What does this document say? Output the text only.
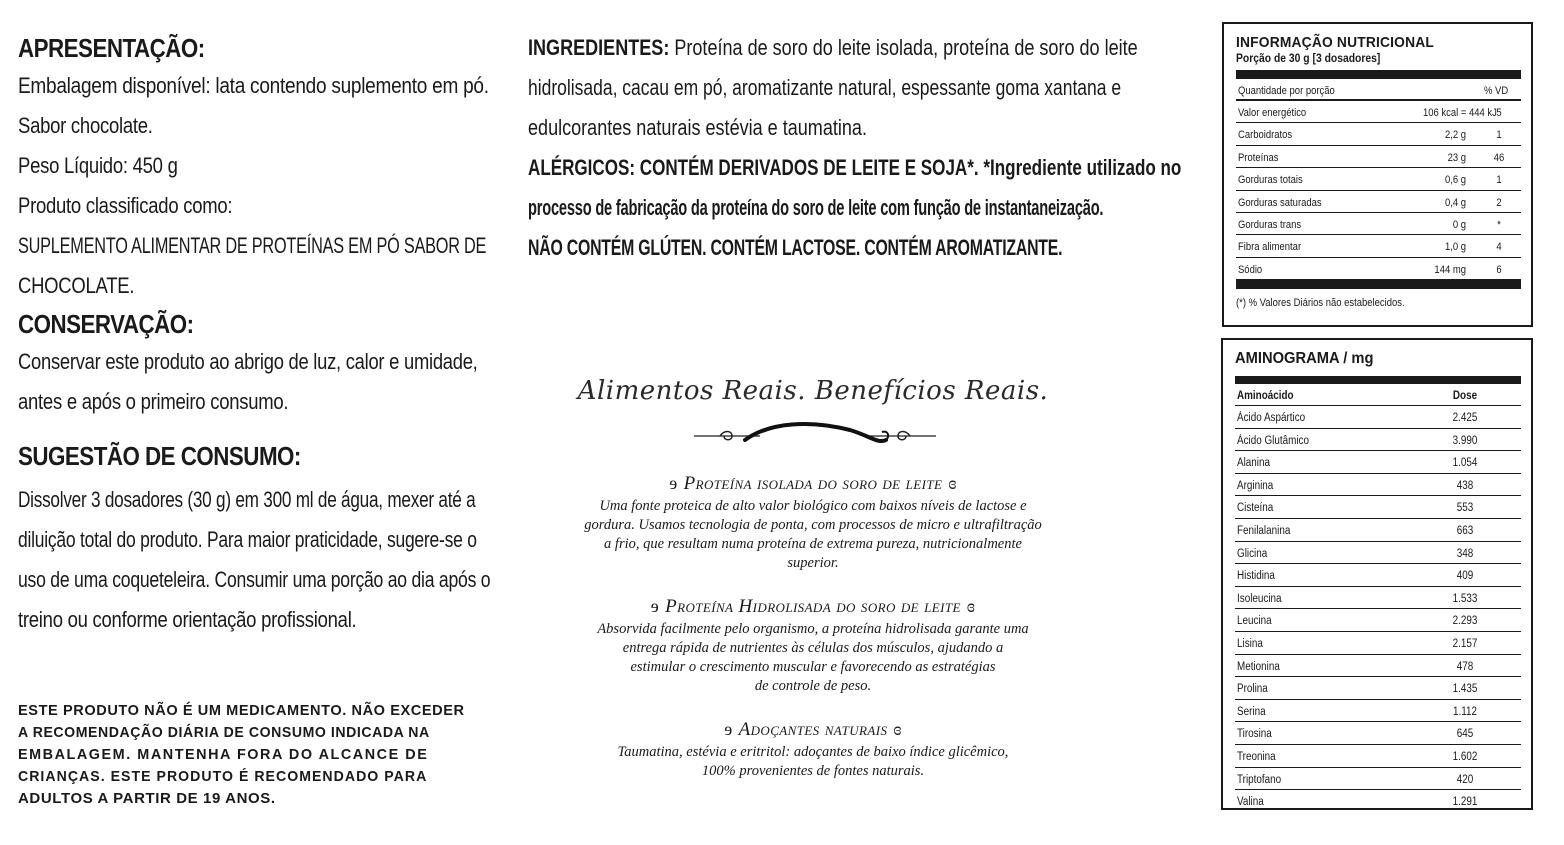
APRESENTAÇÃO:
Embalagem disponível: lata contendo suplemento em pó.
Sabor chocolate.
Peso Líquido: 450 g
Produto classificado como:
SUPLEMENTO ALIMENTAR DE PROTEÍNAS EM PÓ SABOR DE
CHOCOLATE.
CONSERVAÇÃO:
Conservar este produto ao abrigo de luz, calor e umidade,
antes e após o primeiro consumo.
SUGESTÃO DE CONSUMO:
Dissolver 3 dosadores (30 g) em 300 ml de água, mexer até a
diluição total do produto. Para maior praticidade, sugere-se o
uso de uma coqueteleira. Consumir uma porção ao dia após o
treino ou conforme orientação profissional.
ESTE PRODUTO NÃO É UM MEDICAMENTO. NÃO EXCEDER
A RECOMENDAÇÃO DIÁRIA DE CONSUMO INDICADA NA
EMBALAGEM. MANTENHA FORA DO ALCANCE DE
CRIANÇAS. ESTE PRODUTO É RECOMENDADO PARA
ADULTOS A PARTIR DE 19 ANOS.
INGREDIENTES: Proteína de soro do leite isolada, proteína de soro do leite
hidrolisada, cacau em pó, aromatizante natural, espessante goma xantana e
edulcorantes naturais estévia e taumatina.
ALÉRGICOS: CONTÉM DERIVADOS DE LEITE E SOJA*. *Ingrediente utilizado no
processo de fabricação da proteína do soro de leite com função de instantaneização.
NÃO CONTÉM GLÚTEN. CONTÉM LACTOSE. CONTÉM AROMATIZANTE.
Alimentos Reais. Benefícios Reais.
ɘ Proteína isolada do soro de leite ɞ
Uma fonte proteica de alto valor biológico com baixos níveis de lactose e
gordura. Usamos tecnologia de ponta, com processos de micro e ultrafiltração
a frio, que resultam numa proteína de extrema pureza, nutricionalmente
superior.
ɘ Proteína Hidrolisada do soro de leite ɞ
Absorvida facilmente pelo organismo, a proteína hidrolisada garante uma
entrega rápida de nutrientes às células dos músculos, ajudando a
estimular o crescimento muscular e favorecendo as estratégias
de controle de peso.
ɘ Adoçantes naturais ɞ
Taumatina, estévia e eritritol: adoçantes de baixo índice glicêmico,
100% provenientes de fontes naturais.
INFORMAÇÃO NUTRICIONAL
Porção de 30 g [3 dosadores]
Quantidade por porção	% VD
Valor energético	106 kcal = 444 kJ 5
Carboidratos	2,2 g	1
Proteínas	23 g	46
Gorduras totais	0,6 g	1
Gorduras saturadas	0,4 g	2
Gorduras trans	0 g	*
Fibra alimentar	1,0 g	4
Sódio	144 mg	6
(*) % Valores Diários não estabelecidos.
AMINOGRAMA / mg
Aminoácido	Dose
Ácido Aspártico	2.425
Ácido Glutâmico	3.990
Alanina	1.054
Arginina	438
Cisteína	553
Fenilalanina	663
Glicina	348
Histidina	409
Isoleucina	1.533
Leucina	2.293
Lisina	2.157
Metionina	478
Prolina	1.435
Serina	1.112
Tirosina	645
Treonina	1.602
Triptofano	420
Valina	1.291
